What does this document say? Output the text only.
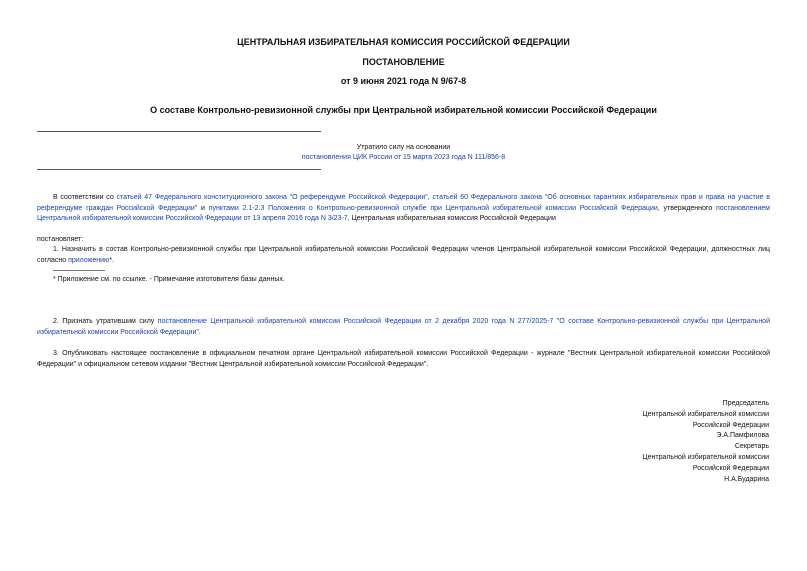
ЦЕНТРАЛЬНАЯ ИЗБИРАТЕЛЬНАЯ КОМИССИЯ РОССИЙСКОЙ ФЕДЕРАЦИИ
ПОСТАНОВЛЕНИЕ
от 9 июня 2021 года N 9/67-8
О составе Контрольно-ревизионной службы при Центральной избирательной комиссии Российской Федерации
Утратило силу на основании
постановления ЦИК России от 15 марта 2023 года N 111/856-8
В соответствии со статьей 47 Федерального конституционного закона "О референдуме Российской Федерации", статьей 60 Федерального закона "Об основных гарантиях избирательных прав и права на участие в референдуме граждан Российской Федерации" и пунктами 2.1-2.3 Положения о Контрольно-ревизионной службе при Центральной избирательной комиссии Российской Федерации, утвержденного постановлением Центральной избирательной комиссии Российской Федерации от 13 апреля 2016 года N 3/23-7, Центральная избирательная комиссия Российской Федерации
постановляет:
1. Назначить в состав Контрольно-ревизионной службы при Центральной избирательной комиссии Российской Федерации членов Центральной избирательной комиссии Российской Федерации, должностных лиц согласно приложению*.
* Приложение см. по ссылке. - Примечание изготовителя базы данных.
2. Признать утратившим силу постановление Центральной избирательной комиссии Российской Федерации от 2 декабря 2020 года N 277/2025-7 "О составе Контрольно-ревизионной службы при Центральной избирательной комиссии Российской Федерации".
3. Опубликовать настоящее постановление в официальном печатном органе Центральной избирательной комиссии Российской Федерации - журнале "Вестник Центральной избирательной комиссии Российской Федерации" и официальном сетевом издании "Вестник Центральной избирательной комиссии Российской Федерации".
Председатель
Центральной избирательной комиссии
Российской Федерации
Э.А.Памфилова
Секретарь
Центральной избирательной комиссии
Российской Федерации
Н.А.Бударина
